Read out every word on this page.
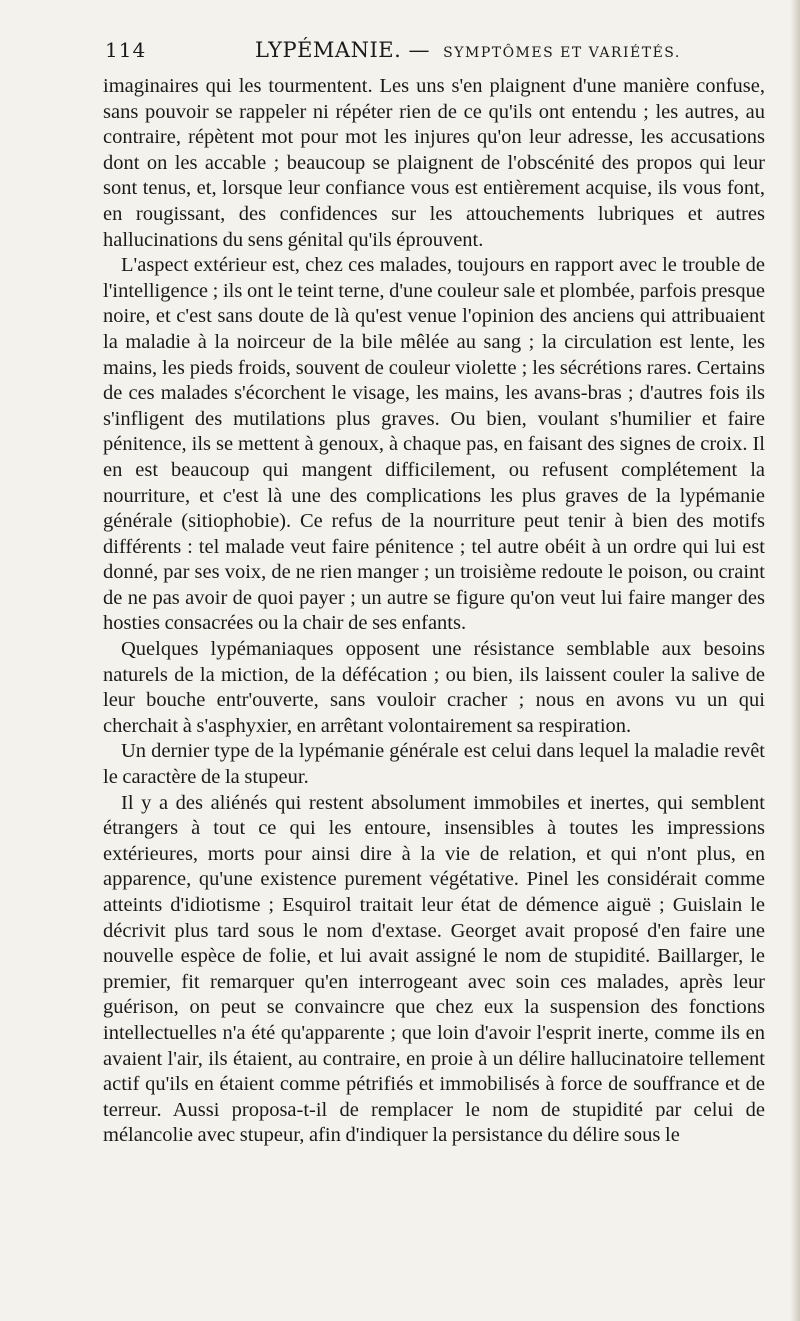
114	LYPÉMANIE. — SYMPTÔMES ET VARIÉTÉS.

imaginaires qui les tourmentent. Les uns s'en plaignent d'une manière confuse, sans pouvoir se rappeler ni répéter rien de ce qu'ils ont entendu ; les autres, au contraire, répètent mot pour mot les injures qu'on leur adresse, les accusations dont on les accable ; beaucoup se plaignent de l'obscénité des propos qui leur sont tenus, et, lorsque leur confiance vous est entièrement acquise, ils vous font, en rougissant, des confidences sur les attouchements lubriques et autres hallucinations du sens génital qu'ils éprouvent.

L'aspect extérieur est, chez ces malades, toujours en rapport avec le trouble de l'intelligence ; ils ont le teint terne, d'une couleur sale et plombée, parfois presque noire, et c'est sans doute de là qu'est venue l'opinion des anciens qui attribuaient la maladie à la noirceur de la bile mêlée au sang ; la circulation est lente, les mains, les pieds froids, souvent de couleur violette ; les sécrétions rares. Certains de ces malades s'écorchent le visage, les mains, les avans-bras ; d'autres fois ils s'infligent des mutilations plus graves. Ou bien, voulant s'humilier et faire pénitence, ils se mettent à genoux, à chaque pas, en faisant des signes de croix. Il en est beaucoup qui mangent difficilement, ou refusent complétement la nourriture, et c'est là une des complications les plus graves de la lypémanie générale (sitiophobie). Ce refus de la nourriture peut tenir à bien des motifs différents : tel malade veut faire pénitence ; tel autre obéit à un ordre qui lui est donné, par ses voix, de ne rien manger ; un troisième redoute le poison, ou craint de ne pas avoir de quoi payer ; un autre se figure qu'on veut lui faire manger des hosties consacrées ou la chair de ses enfants.

Quelques lypémaniaques opposent une résistance semblable aux besoins naturels de la miction, de la défécation ; ou bien, ils laissent couler la salive de leur bouche entr'ouverte, sans vouloir cracher ; nous en avons vu un qui cherchait à s'asphyxier, en arrêtant volontairement sa respiration.

Un dernier type de la lypémanie générale est celui dans lequel la maladie revêt le caractère de la stupeur.

Il y a des aliénés qui restent absolument immobiles et inertes, qui semblent étrangers à tout ce qui les entoure, insensibles à toutes les impressions extérieures, morts pour ainsi dire à la vie de relation, et qui n'ont plus, en apparence, qu'une existence purement végétative. Pinel les considérait comme atteints d'idiotisme ; Esquirol traitait leur état de démence aiguë ; Guislain le décrivit plus tard sous le nom d'extase. Georget avait proposé d'en faire une nouvelle espèce de folie, et lui avait assigné le nom de stupidité. Baillarger, le premier, fit remarquer qu'en interrogeant avec soin ces malades, après leur guérison, on peut se convaincre que chez eux la suspension des fonctions intellectuelles n'a été qu'apparente ; que loin d'avoir l'esprit inerte, comme ils en avaient l'air, ils étaient, au contraire, en proie à un délire hallucinatoire tellement actif qu'ils en étaient comme pétrifiés et immobilisés à force de souffrance et de terreur. Aussi proposa-t-il de remplacer le nom de stupidité par celui de mélancolie avec stupeur, afin d'indiquer la persistance du délire sous le
